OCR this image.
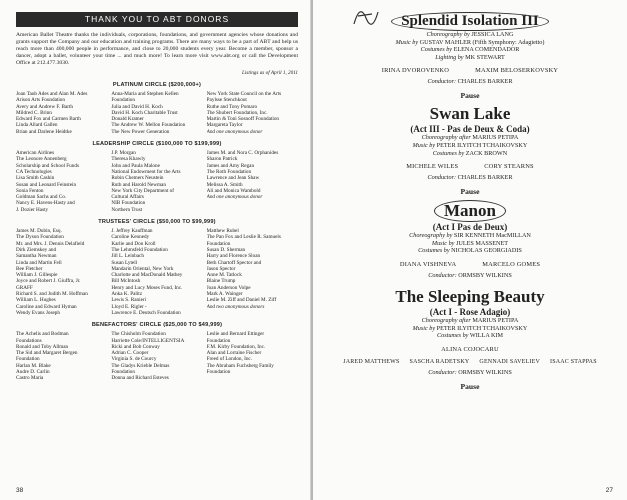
THANK YOU TO ABT DONORS

American Ballet Theatre thanks the individuals, corporations, foundations, and government agencies whose donations and grants support the Company and our education and training programs. There are many ways to be a part of ABT and help us reach more than 400,000 people in performance, and close to 20,000 students every year. Become a member, sponsor a dancer, adopt a ballet, volunteer your time ... and much more! To learn more visit www.abt.org or call the Development Office at 212.477.3030.

Listings as of April 1, 2011
PLATINUM CIRCLE ($200,000+)
Joan Taub Ades and Alan M. Ades
Arison Arts Foundation
Avery and Andrew F. Barth
Mildred C. Brinn
Edward Fox and Carmen Barth
Linda Allard Gallen
Brian and Darlene Heidtke
Anna-Maria and Stephen Kellen
Foundation
Julia and David H. Koch
David H. Koch Charitable Trust
Donald Kramer
The Andrew W. Mellon Foundation
The New Power Generation
New York State Council on the Arts
Paylsse Stenchkout
Ruthe and Tony Pomaro
The Shubert Foundation, Inc.
Martin & Toni Sosnoff Foundation
Margareta Taylor
And one anonymous donor
LEADERSHIP CIRCLE ($100,000 TO $199,999)
American Airlines
The Leonore Annenberg
Scholarship and School Funds
CA Technologies
Lisa Smith Cashin
Susan and Leonard Feinstein
Sonia Fenton
Goldman Sachs and Co.
Nancy E. Havens-Hasty and
J. Dozier Hasty
J.P. Morgan
Theresa Khawly
John and Paula Malone
National Endowment for the Arts
Robin Chemers Neustein
Ruth and Harold Newman
New York City Department of
Cultural Affairs
NIB Foundation
Northern Trust
James M. and Nora C. Orphanides
Sharon Patrick
James and Amy Regan
The Roth Foundation
Lawrence and Jean Shaw
Melissa A. Smith
Ali and Monica Wambold
And one anonymous donor
TRUSTEES' CIRCLE ($50,000 TO $99,999)
James M. Dubin, Esq.
The Dyson Foundation
Mr. and Mrs. J. Dennis Delafield
Dirk Ziemskey and
Samantha Newman
Linda and Martin Fell
Bee Fletcher
William J. Gillespie
Joyce and Robert J. Giuffra, Jr.
GRAFF
Richard S. and Judith M. Hoffman
William L. Hughes
Caroline and Edward Hyman
Wendy Evans Joseph
J. Jeffrey Kauffman
Caroline Kennedy
Karlie and Don Kroll
The Lehmsfeld Foundation
Jill L. Leinbach
Susan Lytell
Mandarin Oriental, New York
Charlotte and MacDonald Mathey
Bill McIntosh
Henry and Lucy Moses Fund, Inc.
Anka K. Palitz
Lewis S. Ranieri
Lloyd E. Rigler -
Lawrence E. Deutsch Foundation
Matthew Rubel
The Pan Fox and Leslie R. Samuels
Foundation
Susan D. Sherman
Harry and Florence Sloan
Beth Chartoff Spector and
Jason Spector
Anne M. Tatlock
Blaine Trump
Joan Anderson Volpe
Mark A. Wainger
Leslie M. Ziff and Daniel M. Ziff
And two anonymous donors
BENEFACTORS' CIRCLE ($25,000 TO $49,999)
The Achelis and Bodman
Foundations
Ronald and Toby Allman
The Sid and Margaret Bergen
Foundation
Harlan M. Blake
Audre D. Carlin
Castro Maria
The Chisholm Foundation
Harriette Cole/INTELLIGENTSIA
Ricki and Bob Conway
Adrian C. Cooper
Virginia S. de Courcy
The Gladys Krieble Delmas
Foundation
Donna and Richard Esteves
Leslie and Bernard Ettinger
Foundation
F.M. Kirby Foundation, Inc.
Alan and Lorraine Fischer
Freed of London, Inc.
The Abraham Fuchsberg Family
Foundation
38
Splendid Isolation III
Choreography by JESSICA LANG
Music by GUSTAV MAHLER (Fifth Symphony: Adagietto)
Costumes by ELENA COMENDADOR
Lighting by MK STEWART
IRINA DVOROVENKO	MAXIM BELOSERKOVSKY
Conductor: CHARLES BARKER
Pause
Swan Lake
(Act III - Pas de Deux & Coda)
Choreography after MARIUS PETIPA
Music by PETER ILYITCH TCHAIKOVSKY
Costumes by ZACK BROWN
MICHELE WILES	CORY STEARNS
Conductor: CHARLES BARKER
Pause
Manon
(Act I Pas de Deux)
Choreography by SIR KENNETH MacMILLAN
Music by JULES MASSENET
Costumes by NICHOLAS GEORGIADIS
DIANA VISHNEVA	MARCELO GOMES
Conductor: ORMSBY WILKINS
The Sleeping Beauty
(Act I - Rose Adagio)
Choreography after MARIUS PETIPA
Music by PETER ILYITCH TCHAIKOVSKY
Costumes by WILLA KIM
ALINA COJOCARU
JARED MATTHEWS SASCHA RADETSKY GENNADI SAVELIEV ISAAC STAPPAS
Conductor: ORMSBY WILKINS
Pause
27
